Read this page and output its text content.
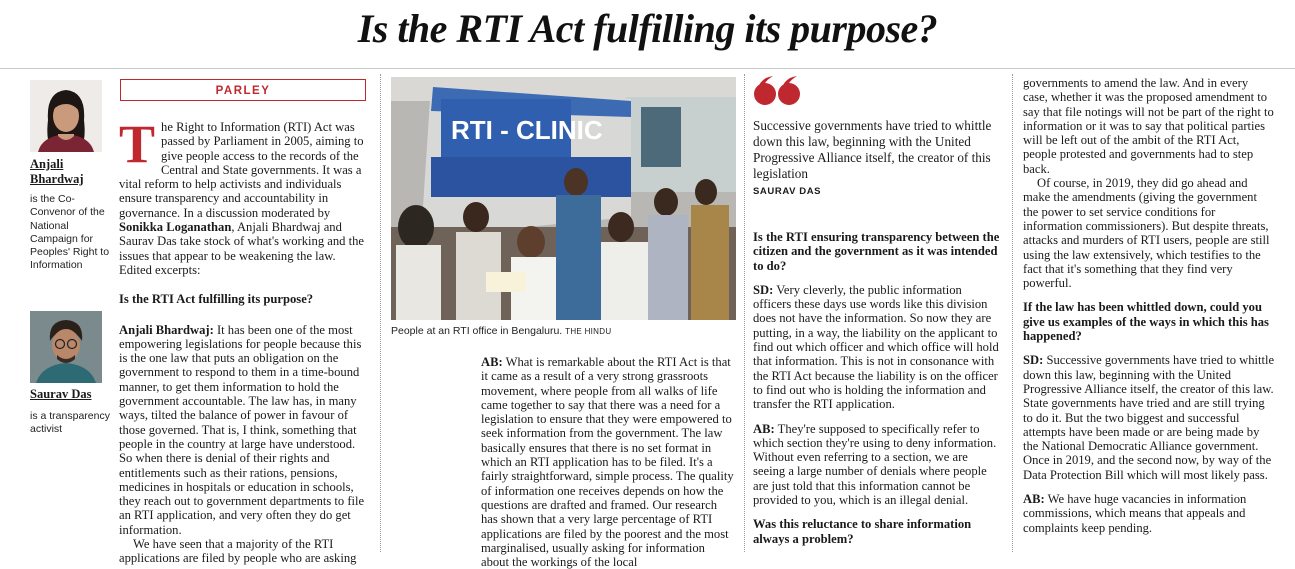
Is the RTI Act fulfilling its purpose?
Anjali
Bhardwaj
is the Co-Convenor of the National Campaign for Peoples' Right to Information
Saurav Das
is a transparency activist
PARLEY

The Right to Information (RTI) Act was passed by Parliament in 2005, aiming to give people access to the records of the Central and State governments. It was a vital reform to help activists and individuals ensure transparency and accountability in governance. In a discussion moderated by Sonikka Loganathan, Anjali Bhardwaj and Saurav Das take stock of what's working and the issues that appear to be weakening the law. Edited excerpts:

Is the RTI Act fulfilling its purpose?

Anjali Bhardwaj: It has been one of the most empowering legislations for people because this is the one law that puts an obligation on the government to respond to them in a time-bound manner, to get them information to hold the government accountable. The law has, in many ways, tilted the balance of power in favour of those governed. That is, I think, something that people in the country at large have understood. So when there is denial of their rights and entitlements such as their rations, pensions, medicines in hospitals or education in schools, they reach out to government departments to file an RTI application, and very often they do get information.

We have seen that a majority of the RTI applications are filed by people who are asking

RTI - CLINIC
People at an RTI office in Bengaluru. THE HINDU

AB: What is remarkable about the RTI Act is that it came as a result of a very strong grassroots movement, where people from all walks of life came together to say that there was a need for a legislation to ensure that they were empowered to seek information from the government. The law basically ensures that there is no set format in which an RTI application has to be filed. It's a fairly straightforward, simple process. The quality of information one receives depends on how the questions are drafted and framed. Our research has shown that a very large percentage of RTI applications are filed by the poorest and the most marginalised, usually asking for information about the workings of the local

Successive governments have tried to whittle down this law, beginning with the United Progressive Alliance itself, the creator of this legislation
SAURAV DAS

Is the RTI ensuring transparency between the citizen and the government as it was intended to do?

SD: Very cleverly, the public information officers these days use words like this division does not have the information. So now they are putting, in a way, the liability on the applicant to find out which officer and which office will hold that information. This is not in consonance with the RTI Act because the liability is on the officer to find out who is holding the information and transfer the RTI application.

AB: They're supposed to specifically refer to which section they're using to deny information. Without even referring to a section, we are seeing a large number of denials where people are just told that this information cannot be provided to you, which is an illegal denial.

Was this reluctance to share information always a problem?

governments to amend the law. And in every case, whether it was the proposed amendment to say that file notings will not be part of the right to information or it was to say that political parties will be left out of the ambit of the RTI Act, people protested and governments had to step back.

Of course, in 2019, they did go ahead and make the amendments (giving the government the power to set service conditions for information commissioners). But despite threats, attacks and murders of RTI users, people are still using the law extensively, which testifies to the fact that it's something that they find very powerful.

If the law has been whittled down, could you give us examples of the ways in which this has happened?

SD: Successive governments have tried to whittle down this law, beginning with the United Progressive Alliance itself, the creator of this law. State governments have tried and are still trying to do it. But the two biggest and successful attempts have been made or are being made by the National Democratic Alliance government. Once in 2019, and the second now, by way of the Data Protection Bill which will most likely pass.

AB: We have huge vacancies in information commissions, which means that appeals and complaints keep pending.
